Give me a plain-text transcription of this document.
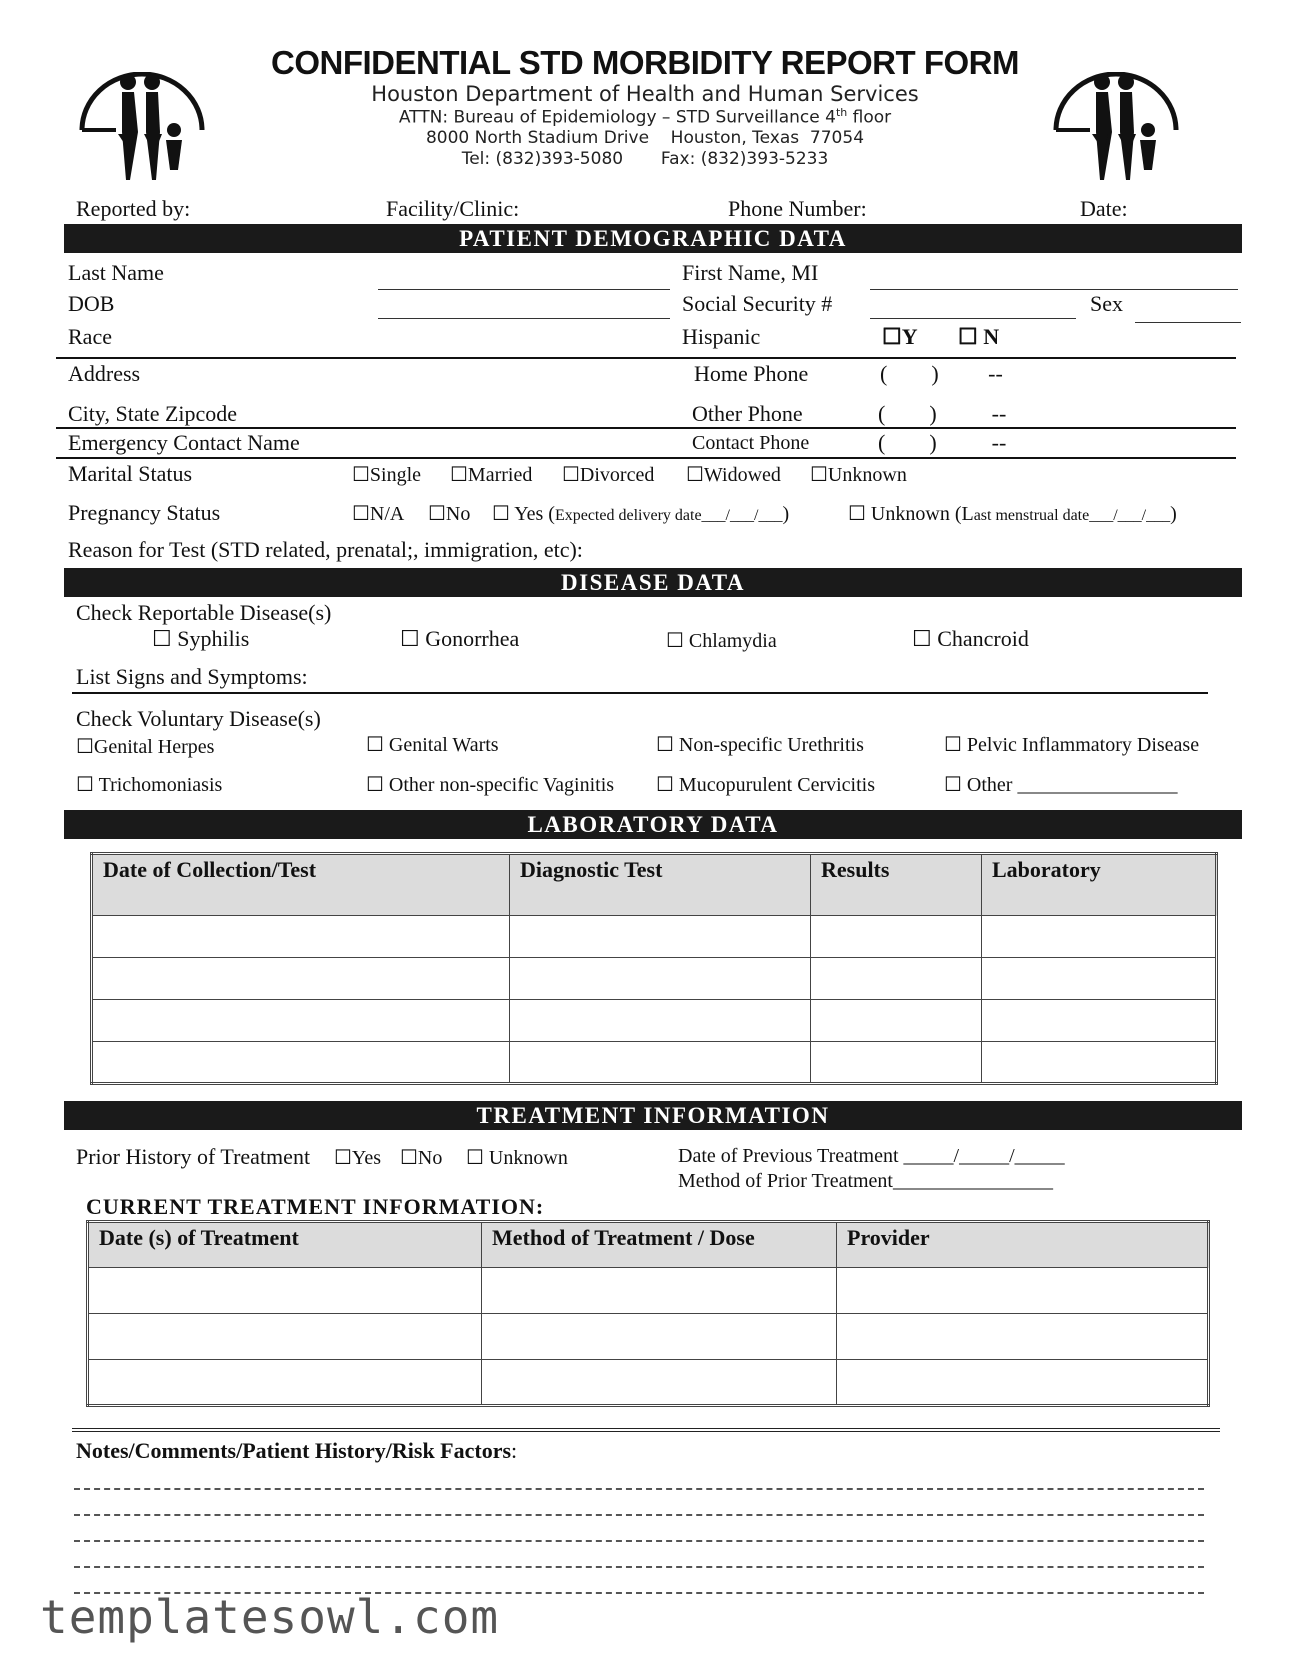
CONFIDENTIAL STD MORBIDITY REPORT FORM
Houston Department of Health and Human Services
ATTN: Bureau of Epidemiology – STD Surveillance 4th floor
8000 North Stadium Drive    Houston, Texas  77054
Tel: (832)393-5080       Fax: (832)393-5233
Reported by:	Facility/Clinic:	Phone Number:	Date:
PATIENT DEMOGRAPHIC DATA
Last Name	First Name, MI
DOB	Social Security #	Sex
Race	Hispanic	☐Y ☐ N
Address	Home Phone	(        )         --
City, State Zipcode	Other Phone	(        )          --
Emergency Contact Name	Contact Phone	(        )          --
Marital Status	☐Single ☐Married ☐Divorced ☐Widowed ☐Unknown
Pregnancy Status	☐N/A ☐No ☐ Yes (Expected delivery date___/___/___)	☐ Unknown (Last menstrual date___/___/___)
Reason for Test (STD related, prenatal;, immigration, etc):
DISEASE DATA
Check Reportable Disease(s)
☐ Syphilis	☐ Gonorrhea	☐ Chlamydia	☐ Chancroid
List Signs and Symptoms:
Check Voluntary Disease(s)
☐Genital Herpes	☐ Genital Warts	☐ Non-specific Urethritis	☐ Pelvic Inflammatory Disease
☐ Trichomoniasis	☐ Other non-specific Vaginitis ☐ Mucopurulent Cervicitis	☐ Other ________________
LABORATORY DATA
Date of Collection/Test	Diagnostic Test	Results	Laboratory

TREATMENT INFORMATION
Prior History of Treatment ☐Yes ☐No ☐ Unknown	Date of Previous Treatment _____/_____/_____
Method of Prior Treatment________________
CURRENT TREATMENT INFORMATION:
Date (s) of Treatment	Method of Treatment / Dose	Provider

Notes/Comments/Patient History/Risk Factors:
templatesowl.com
